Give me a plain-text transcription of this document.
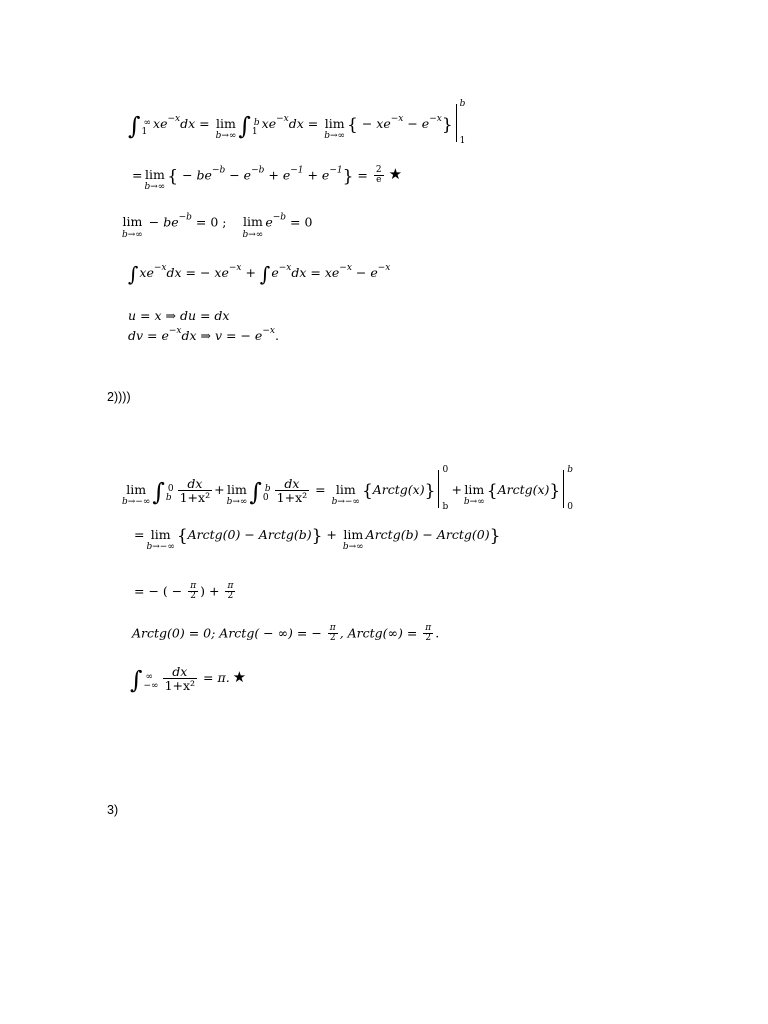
∫ ∞
1
$xe^{-x}dx = \lim$
b→∞ ∫ b
1
$xe^{-x}dx = \lim$
b→∞
{ − $xe^{-x} - e^{-x}$}
b
1
= lim
b→∞
{ − $be^{-b} - e^{-b} + e^{-1} + e^{-1}\} = \frac{2}{e}$ ★
lim
b→∞
− $be^{-b} = 0$ ; lim
b→∞
$e^{-b} = 0$
$\int xe^{-x}dx$ = − $xe^{-x} + \int e^{-x}dx = xe^{-x} - e^{-x}$
u = x ⇒ du = dx
dv = $e^{-x}dx$ ⇒ v = − $e^{-x}$.
2))))
lim
b→−∞ ∫ 0
b $\frac{dx}{\text{1+x²}} + \lim$
b→∞ ∫ b
$0 \frac{dx}{\text{1+x²}} = \lim$
b→−∞
{Arctg(x)}
0
b
+ lim
b→∞
{Arctg(x)}
b
0
= lim
b→−∞
{Arctg(0) − Arctg(b)} + lim
b→∞
Arctg(b) − Arctg(0)}
= − ( − $\frac{\pi}{2}$ ) + $\frac{\pi}{2}$
Arctg(0) = 0; Arctg( − ∞) = − $\frac{\pi}{2}$ , Arctg(∞) = $\frac{\pi}{2}$ .
∫ ∞
−∞ $\frac{dx}{\text{1+x²}} = \pi$. ★
3)
